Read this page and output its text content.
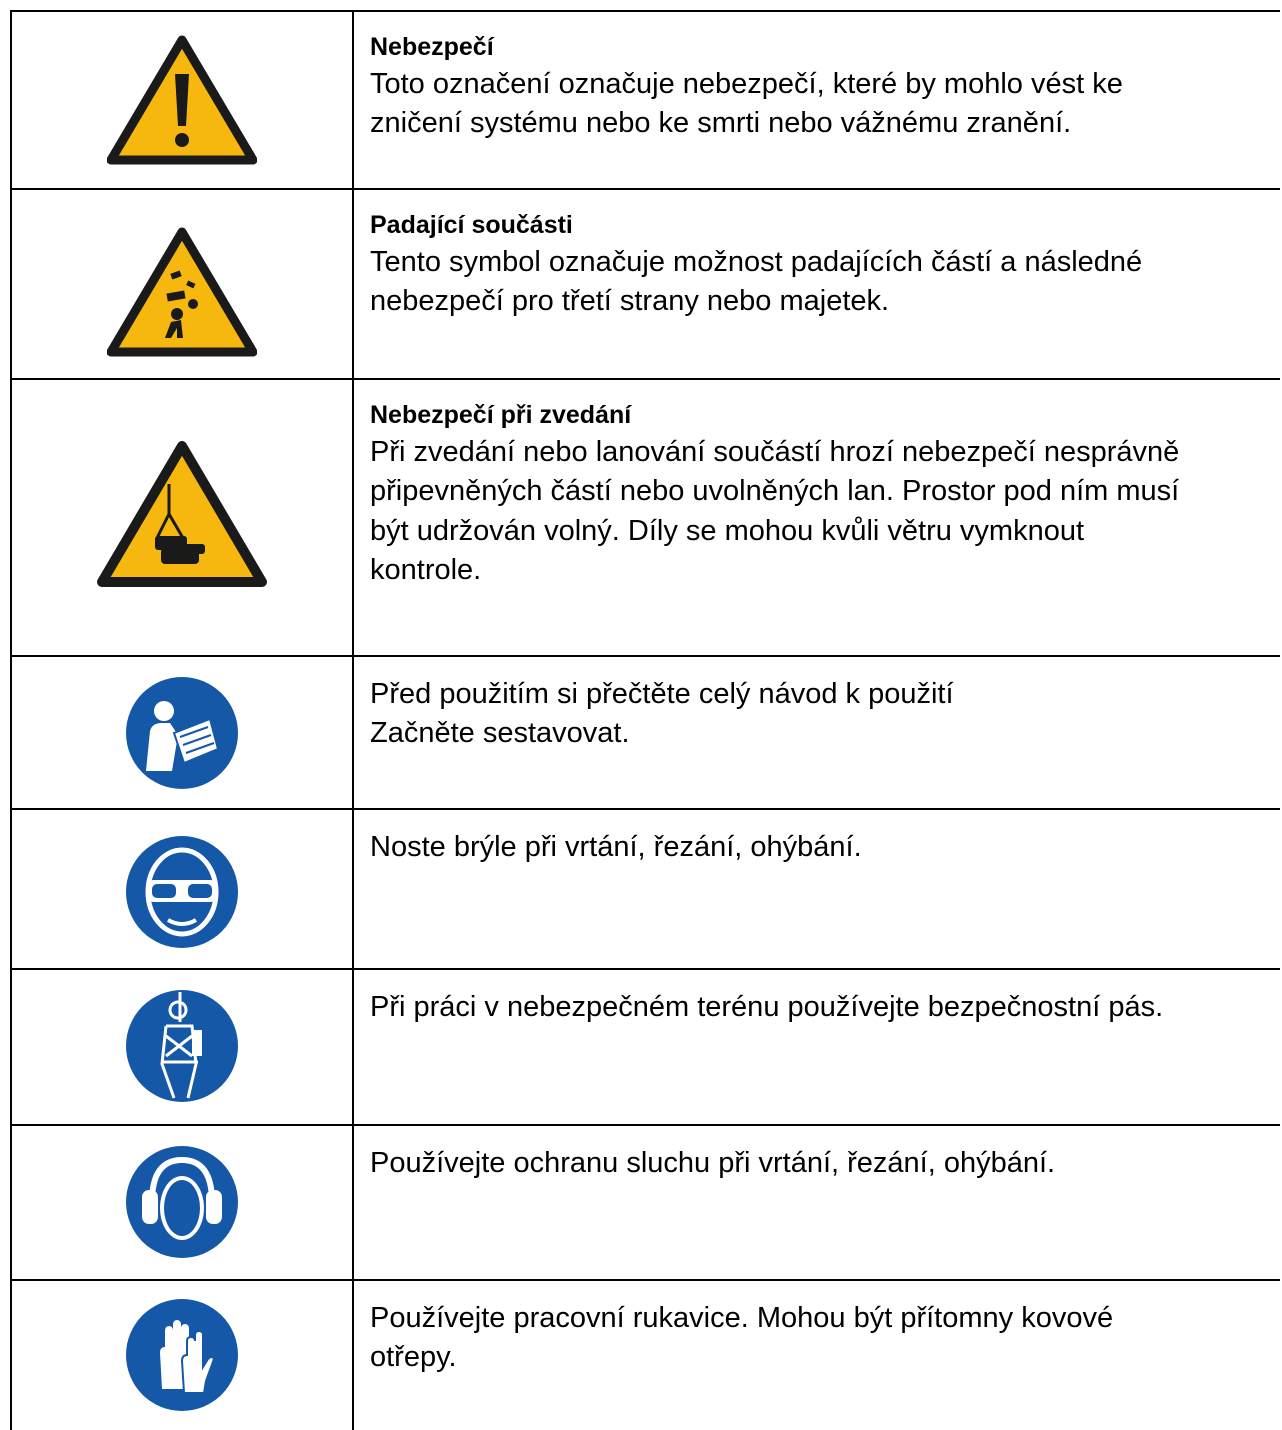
Nebezpečí
Toto označení označuje nebezpečí, které by mohlo vést ke
zničení systému nebo ke smrti nebo vážnému zranění.

Padající součásti
Tento symbol označuje možnost padajících částí a následné
nebezpečí pro třetí strany nebo majetek.

Nebezpečí při zvedání
Při zvedání nebo lanování součástí hrozí nebezpečí nesprávně
připevněných částí nebo uvolněných lan. Prostor pod ním musí
být udržován volný. Díly se mohou kvůli větru vymknout
kontrole.

Před použitím si přečtěte celý návod k použití
Začněte sestavovat.

Noste brýle při vrtání, řezání, ohýbání.

Při práci v nebezpečném terénu používejte bezpečnostní pás.

Používejte ochranu sluchu při vrtání, řezání, ohýbání.

Používejte pracovní rukavice. Mohou být přítomny kovové
otřepy.
